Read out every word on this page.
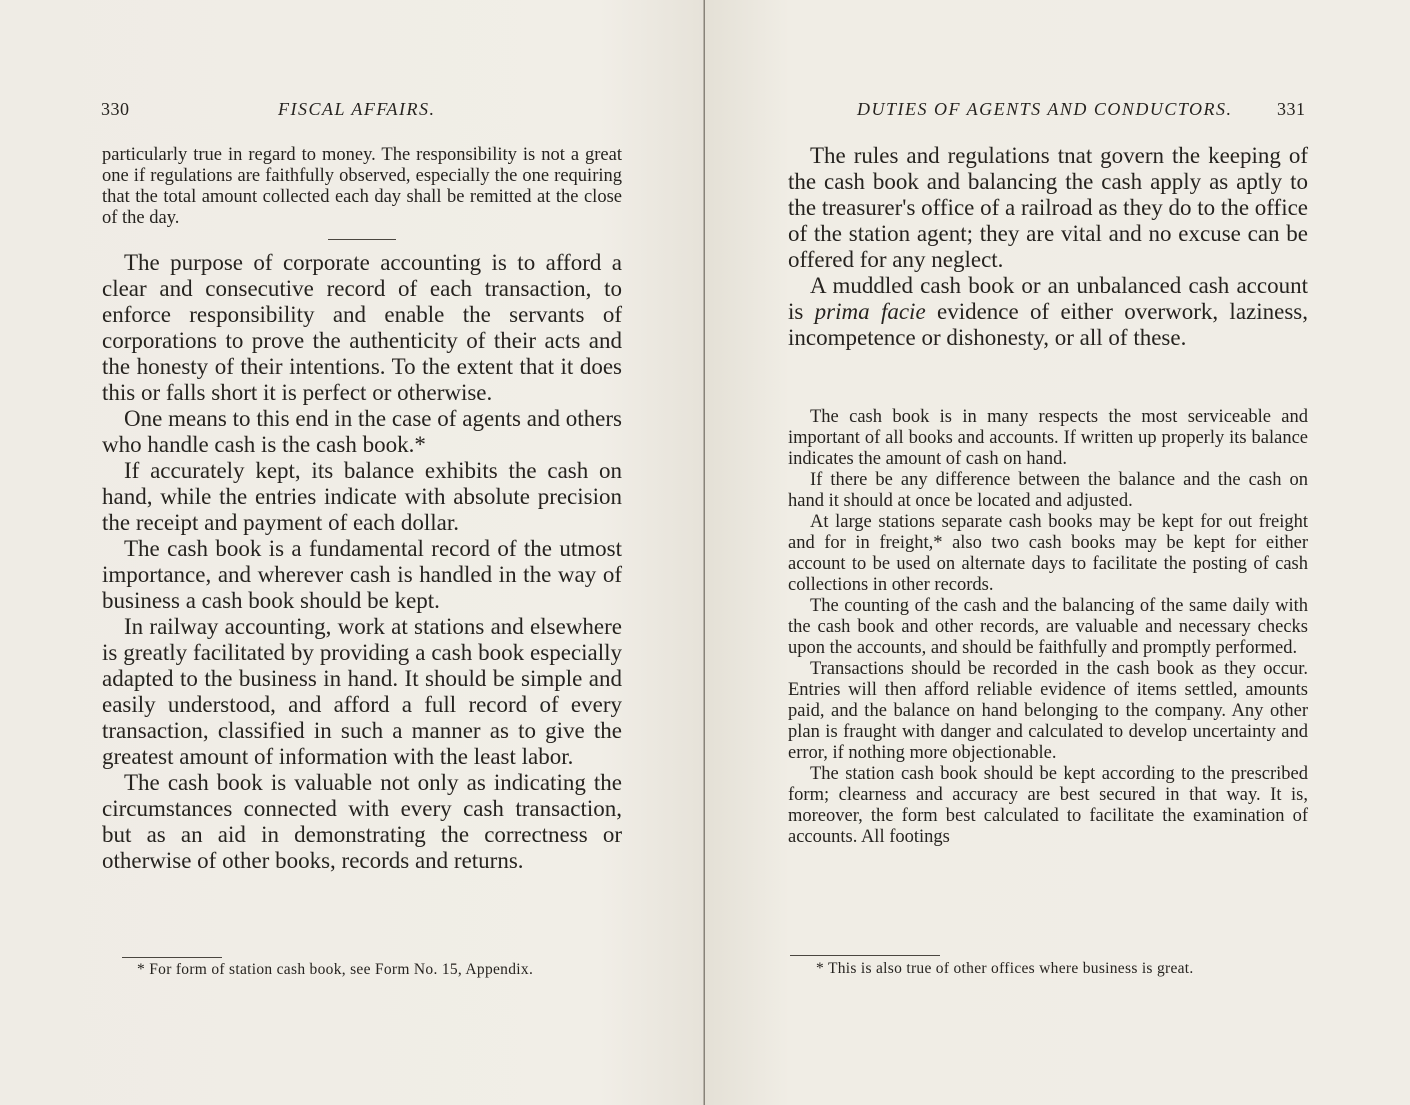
330	FISCAL AFFAIRS.

particularly true in regard to money. The responsibility is not a great one if regulations are faithfully observed, especially the one requiring that the total amount collected each day shall be remitted at the close of the day.

The purpose of corporate accounting is to afford a clear and consecutive record of each transaction, to enforce responsibility and enable the servants of corporations to prove the authenticity of their acts and the honesty of their intentions. To the extent that it does this or falls short it is perfect or otherwise.

One means to this end in the case of agents and others who handle cash is the cash book.*

If accurately kept, its balance exhibits the cash on hand, while the entries indicate with absolute precision the receipt and payment of each dollar.

The cash book is a fundamental record of the utmost importance, and wherever cash is handled in the way of business a cash book should be kept.

In railway accounting, work at stations and elsewhere is greatly facilitated by providing a cash book especially adapted to the business in hand. It should be simple and easily understood, and afford a full record of every transaction, classified in such a manner as to give the greatest amount of information with the least labor.

The cash book is valuable not only as indicating the circumstances connected with every cash transaction, but as an aid in demonstrating the correctness or otherwise of other books, records and returns.

* For form of station cash book, see Form No. 15, Appendix.
DUTIES OF AGENTS AND CONDUCTORS. 331

The rules and regulations tnat govern the keeping of the cash book and balancing the cash apply as aptly to the treasurer's office of a railroad as they do to the office of the station agent; they are vital and no excuse can be offered for any neglect.

A muddled cash book or an unbalanced cash account is prima facie evidence of either overwork, laziness, incompetence or dishonesty, or all of these.

The cash book is in many respects the most serviceable and important of all books and accounts. If written up properly its balance indicates the amount of cash on hand.

If there be any difference between the balance and the cash on hand it should at once be located and adjusted.

At large stations separate cash books may be kept for out freight and for in freight,* also two cash books may be kept for either account to be used on alternate days to facilitate the posting of cash collections in other records.

The counting of the cash and the balancing of the same daily with the cash book and other records, are valuable and necessary checks upon the accounts, and should be faithfully and promptly performed.

Transactions should be recorded in the cash book as they occur. Entries will then afford reliable evidence of items settled, amounts paid, and the balance on hand belonging to the company. Any other plan is fraught with danger and calculated to develop uncertainty and error, if nothing more objectionable.

The station cash book should be kept according to the prescribed form; clearness and accuracy are best secured in that way. It is, moreover, the form best calculated to facilitate the examination of accounts. All footings

* This is also true of other offices where business is great.
